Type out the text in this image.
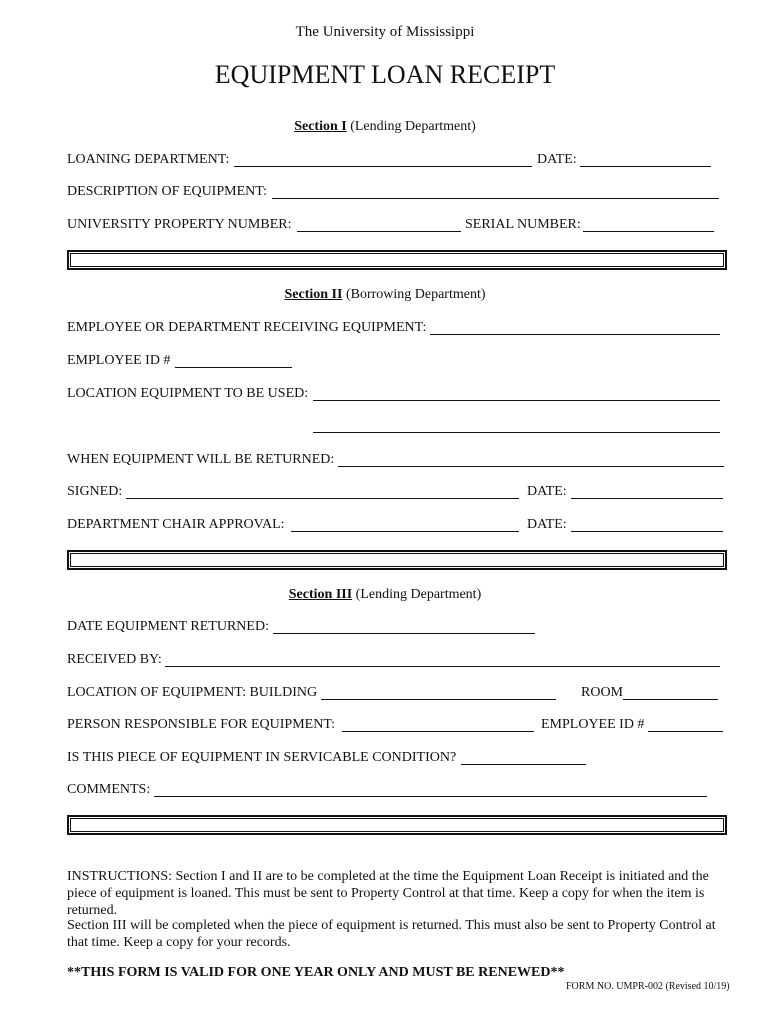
The University of Mississippi
EQUIPMENT LOAN RECEIPT
Section I (Lending Department)
LOANING DEPARTMENT:	DATE:
DESCRIPTION OF EQUIPMENT:
UNIVERSITY PROPERTY NUMBER:	SERIAL NUMBER:
Section II (Borrowing Department)
EMPLOYEE OR DEPARTMENT RECEIVING EQUIPMENT:
EMPLOYEE ID #
LOCATION EQUIPMENT TO BE USED:
WHEN EQUIPMENT WILL BE RETURNED:
SIGNED:	DATE:
DEPARTMENT CHAIR APPROVAL:	DATE:
Section III (Lending Department)
DATE EQUIPMENT RETURNED:
RECEIVED BY:
LOCATION OF EQUIPMENT: BUILDING	ROOM
PERSON RESPONSIBLE FOR EQUIPMENT:	EMPLOYEE ID #
IS THIS PIECE OF EQUIPMENT IN SERVICABLE CONDITION?
COMMENTS:
INSTRUCTIONS: Section I and II are to be completed at the time the Equipment Loan Receipt is initiated and the piece of equipment is loaned. This must be sent to Property Control at that time. Keep a copy for when the item is returned.
Section III will be completed when the piece of equipment is returned. This must also be sent to Property Control at that time. Keep a copy for your records.
**THIS FORM IS VALID FOR ONE YEAR ONLY AND MUST BE RENEWED**
FORM NO. UMPR-002 (Revised 10/19)
